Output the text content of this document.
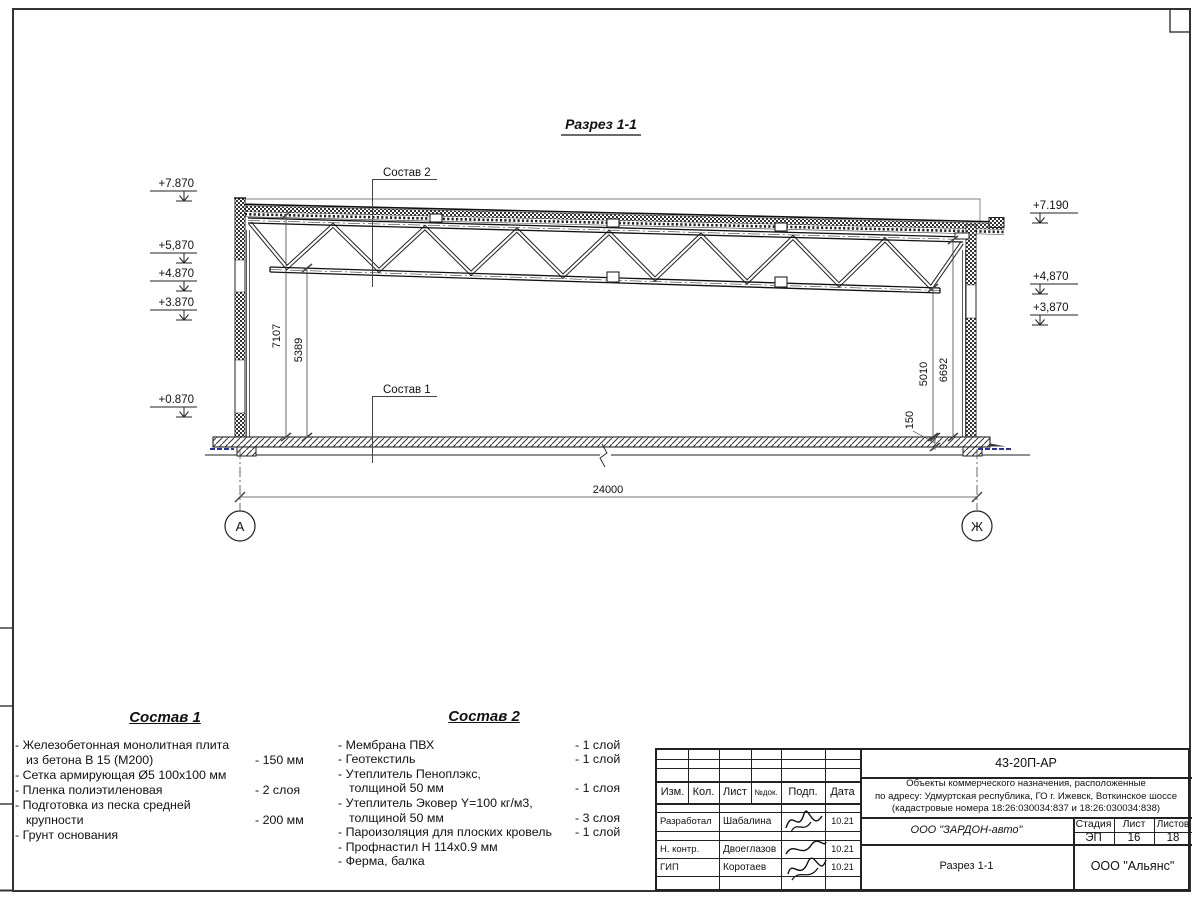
Разрез 1-1
Состав 2
Состав 1
7107
5389
5010 6692
150
+7.870
+5,870
+4.870
+3.870
+0.870
+7.190
+4,870
+3,870
24000
А	Ж
Состав 1
- Железобетонная монолитная плита
из бетона В 15 (М200)	- 150 мм
- Сетка армирующая Ø5 100х100 мм
- Пленка полиэтиленовая	- 2 слоя
- Подготовка из песка средней
крупности	- 200 мм
- Грунт основания
Состав 2
- Мембрана ПВХ	- 1 слой
- Геотекстиль	- 1 слой
- Утеплитель Пеноплэкс,
толщиной 50 мм	- 1 слоя
- Утеплитель Эковер Y=100 кг/м3,
толщиной 50 мм	- 3 слоя
- Пароизоляция для плоских кровель	- 1 слой
- Профнастил Н 114х0.9 мм
- Ферма, балка
Изм. Кол. Лист №док. Подп.	Дата
Разработал	Шабалина	10.21
Н. контр.	Двоеглазов	10.21
ГИП	Коротаев	10.21
43-20П-АР
Объекты коммерческого назначения, расположенные
по адресу: Удмуртская республика, ГО г. Ижевск, Воткинское шоссе
(кадастровые номера 18:26:030034:837 и 18:26:030034:838)
ООО "ЗАРДОН-авто"	Стадия	Лист	Листов
ЭП	16	18
Разрез 1-1	ООО "Альянс"
